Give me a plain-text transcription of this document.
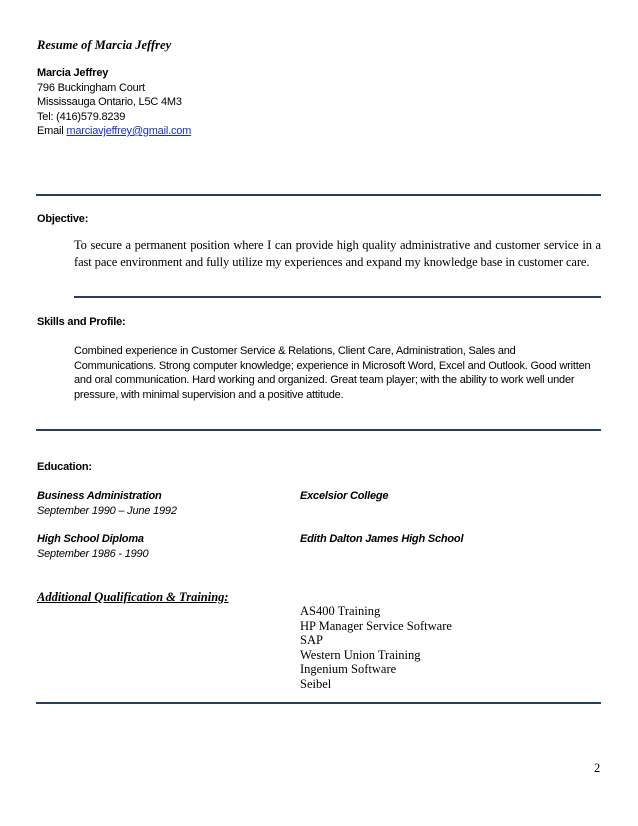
Resume of Marcia Jeffrey
Marcia Jeffrey
796 Buckingham Court
Mississauga Ontario, L5C 4M3
Tel: (416)579.8239
Email marciavjeffrey@gmail.com
Objective:
To secure a permanent position where I can provide high quality administrative and customer service in a fast pace environment and fully utilize my experiences and expand my knowledge base in customer care.
Skills and Profile:
Combined experience in Customer Service & Relations, Client Care, Administration, Sales and Communications. Strong computer knowledge; experience in Microsoft Word, Excel and Outlook. Good written and oral communication. Hard working and organized. Great team player; with the ability to work well under pressure, with minimal supervision and a positive attitude.
Education:
Business Administration
September 1990 – June 1992
Excelsior College
High School Diploma
September 1986 - 1990
Edith Dalton James High School
Additional Qualification & Training:
AS400 Training
HP Manager Service Software
SAP
Western Union Training
Ingenium Software
Seibel
2
